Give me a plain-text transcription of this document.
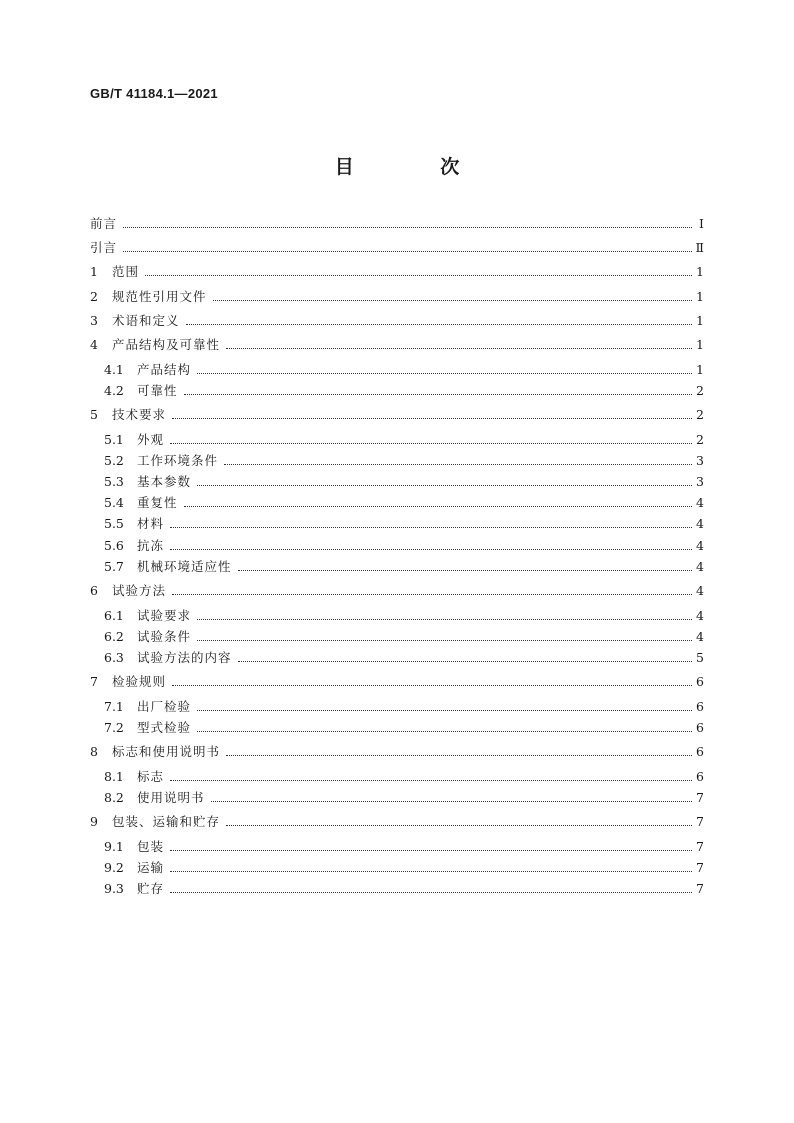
GB/T 41184.1—2021
目 次
前言	Ⅰ
引言	Ⅱ
1	范围	1
2	规范性引用文件	1
3	术语和定义	1
4	产品结构及可靠性	1
4.1	产品结构	1
4.2	可靠性	2
5	技术要求	2
5.1	外观	2
5.2	工作环境条件	3
5.3	基本参数	3
5.4	重复性	4
5.5	材料	4
5.6	抗冻	4
5.7	机械环境适应性	4
6	试验方法	4
6.1	试验要求	4
6.2	试验条件	4
6.3	试验方法的内容	5
7	检验规则	6
7.1	出厂检验	6
7.2	型式检验	6
8	标志和使用说明书	6
8.1	标志	6
8.2	使用说明书	7
9	包装、运输和贮存	7
9.1	包装	7
9.2	运输	7
9.3	贮存	7
